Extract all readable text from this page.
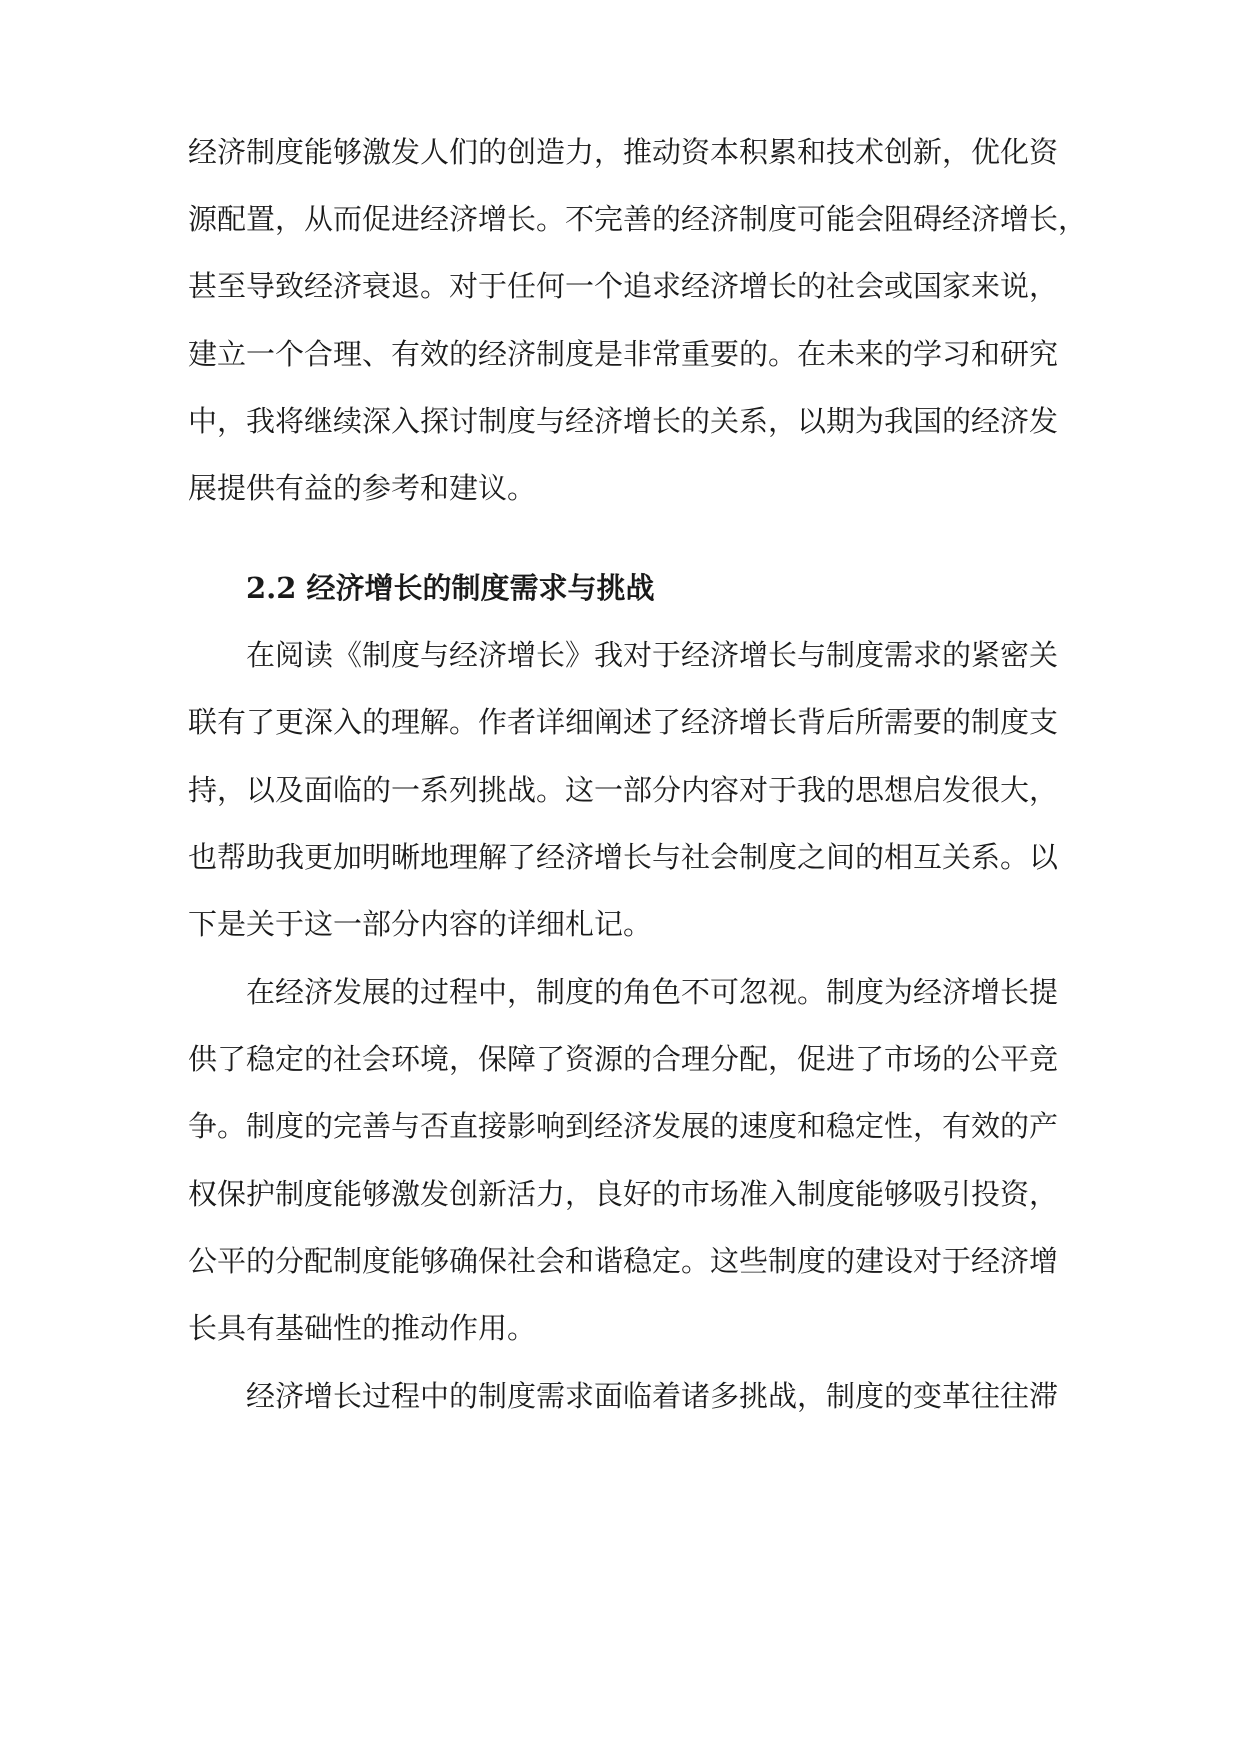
经济制度能够激发人们的创造力，推动资本积累和技术创新，优化资
源配置，从而促进经济增长。不完善的经济制度可能会阻碍经济增长，
甚至导致经济衰退。对于任何一个追求经济增长的社会或国家来说，
建立一个合理、有效的经济制度是非常重要的。在未来的学习和研究
中，我将继续深入探讨制度与经济增长的关系，以期为我国的经济发
展提供有益的参考和建议。
2.2 经济增长的制度需求与挑战
在阅读《制度与经济增长》我对于经济增长与制度需求的紧密关
联有了更深入的理解。作者详细阐述了经济增长背后所需要的制度支
持，以及面临的一系列挑战。这一部分内容对于我的思想启发很大，
也帮助我更加明晰地理解了经济增长与社会制度之间的相互关系。以
下是关于这一部分内容的详细札记。
在经济发展的过程中，制度的角色不可忽视。制度为经济增长提
供了稳定的社会环境，保障了资源的合理分配，促进了市场的公平竞
争。制度的完善与否直接影响到经济发展的速度和稳定性，有效的产
权保护制度能够激发创新活力，良好的市场准入制度能够吸引投资，
公平的分配制度能够确保社会和谐稳定。这些制度的建设对于经济增
长具有基础性的推动作用。
经济增长过程中的制度需求面临着诸多挑战，制度的变革往往滞
